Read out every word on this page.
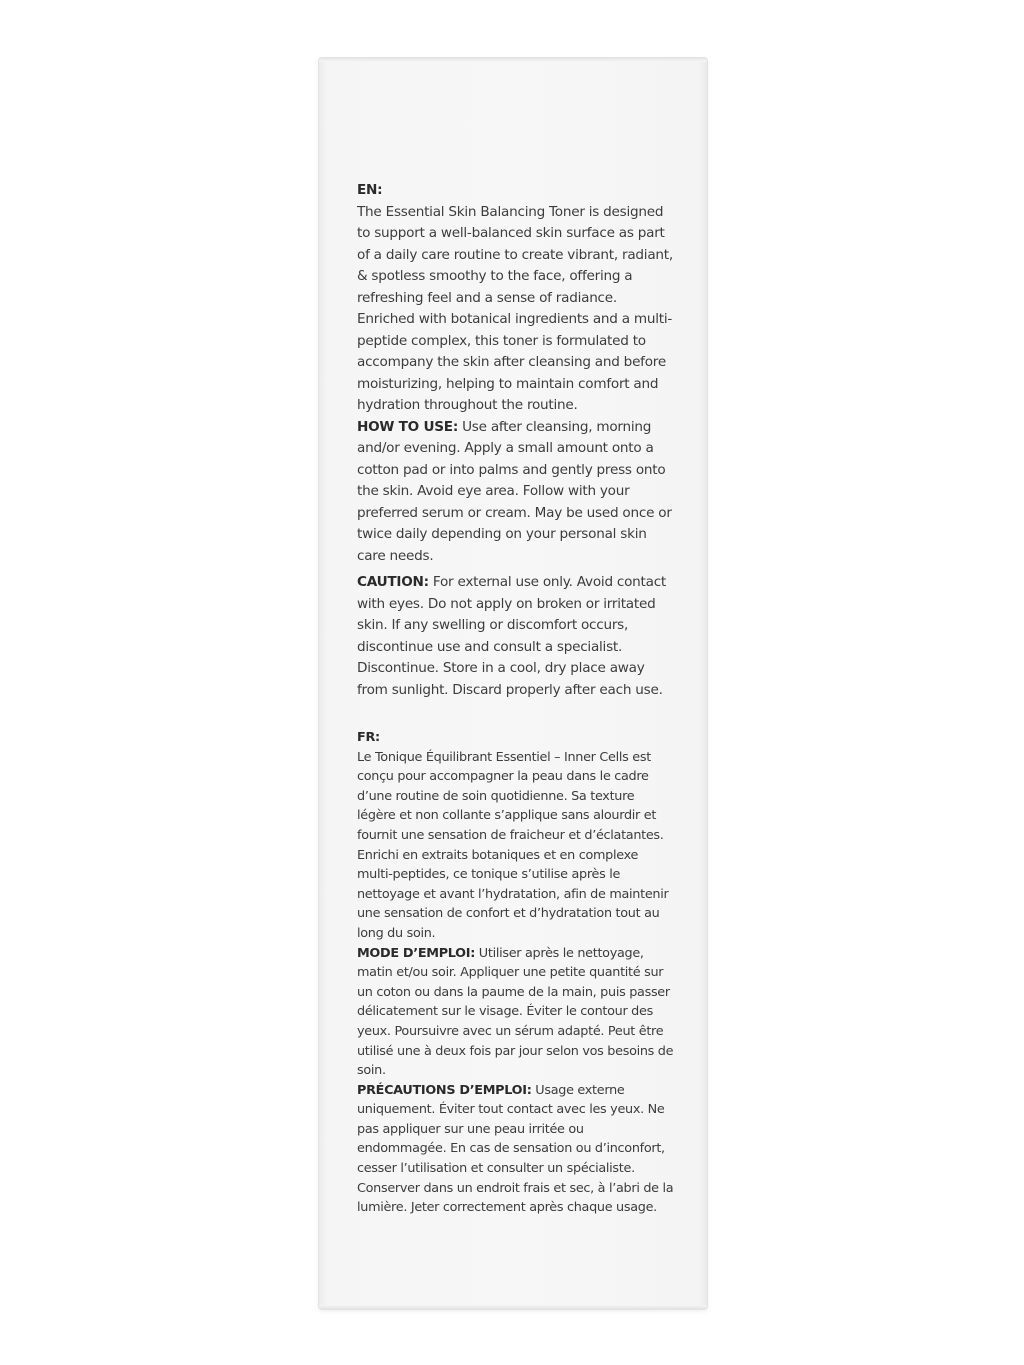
EN:

The Essential Skin Balancing Toner is designed to support a well-balanced skin surface as part of a daily care routine to create vibrant, radiant, & spotless smoothy to the face, offering a refreshing feel and a sense of radiance. Enriched with botanical ingredients and a multi-peptide complex, this toner is formulated to accompany the skin after cleansing and before moisturizing, helping to maintain comfort and hydration throughout the routine.

HOW TO USE: Use after cleansing, morning and/or evening. Apply a small amount onto a cotton pad or into palms and gently press onto the skin. Avoid eye area. Follow with your preferred serum or cream. May be used once or twice daily depending on your personal skin care needs.

CAUTION: For external use only. Avoid contact with eyes. Do not apply on broken or irritated skin. If any swelling or discomfort occurs, discontinue use and consult a specialist. Discontinue. Store in a cool, dry place away from sunlight. Discard properly after each use.

FR:

Le Tonique Équilibrant Essentiel – Inner Cells est conçu pour accompagner la peau dans le cadre d’une routine de soin quotidienne. Sa texture légère et non collante s’applique sans alourdir et fournit une sensation de fraicheur et d’éclatantes. Enrichi en extraits botaniques et en complexe multi-peptides, ce tonique s’utilise après le nettoyage et avant l’hydratation, afin de maintenir une sensation de confort et d’hydratation tout au long du soin.

MODE D’EMPLOI: Utiliser après le nettoyage, matin et/ou soir. Appliquer une petite quantité sur un coton ou dans la paume de la main, puis passer délicatement sur le visage. Éviter le contour des yeux. Poursuivre avec un sérum adapté. Peut être utilisé une à deux fois par jour selon vos besoins de soin.

PRÉCAUTIONS D’EMPLOI: Usage externe uniquement. Éviter tout contact avec les yeux. Ne pas appliquer sur une peau irritée ou endommagée. En cas de sensation ou d’inconfort, cesser l’utilisation et consulter un spécialiste. Conserver dans un endroit frais et sec, à l’abri de la lumière. Jeter correctement après chaque usage.
